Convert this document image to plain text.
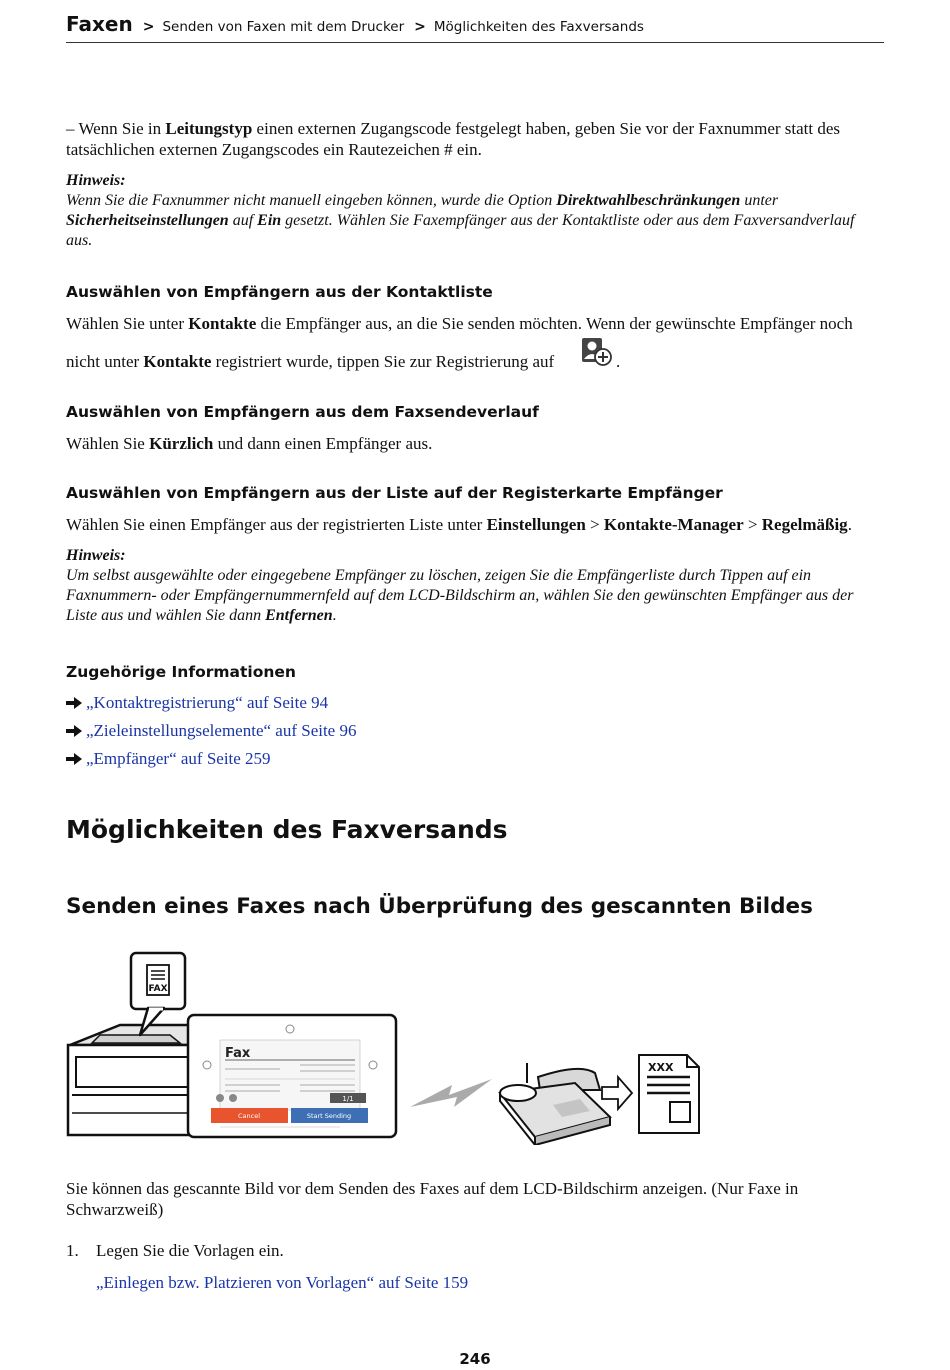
Faxen > Senden von Faxen mit dem Drucker > Möglichkeiten des Faxversands

– Wenn Sie in Leitungstyp einen externen Zugangscode festgelegt haben, geben Sie vor der Faxnummer statt des tatsächlichen externen Zugangscodes ein Rautezeichen # ein.

Hinweis:
Wenn Sie die Faxnummer nicht manuell eingeben können, wurde die Option Direktwahlbeschränkungen unter Sicherheitseinstellungen auf Ein gesetzt. Wählen Sie Faxempfänger aus der Kontaktliste oder aus dem Faxversandverlauf aus.

Auswählen von Empfängern aus der Kontaktliste

Wählen Sie unter Kontakte die Empfänger aus, an die Sie senden möchten. Wenn der gewünschte Empfänger noch

nicht unter Kontakte registriert wurde, tippen Sie zur Registrierung auf	.
Auswählen von Empfängern aus dem Faxsendeverlauf

Wählen Sie Kürzlich und dann einen Empfänger aus.

Auswählen von Empfängern aus der Liste auf der Registerkarte Empfänger

Wählen Sie einen Empfänger aus der registrierten Liste unter Einstellungen > Kontakte-Manager > Regelmäßig.

Hinweis:
Um selbst ausgewählte oder eingegebene Empfänger zu löschen, zeigen Sie die Empfängerliste durch Tippen auf ein Faxnummern- oder Empfängernummernfeld auf dem LCD-Bildschirm an, wählen Sie den gewünschten Empfänger aus der Liste aus und wählen Sie dann Entfernen.

Zugehörige Informationen
„Kontaktregistrierung“ auf Seite 94
„Zieleinstellungselemente“ auf Seite 96
„Empfänger“ auf Seite 259
Möglichkeiten des Faxversands
Senden eines Faxes nach Überprüfung des gescannten Bildes
FAX
Fax
1/1
Cancel	Start Sending
XXX

Sie können das gescannte Bild vor dem Senden des Faxes auf dem LCD-Bildschirm anzeigen. (Nur Faxe in Schwarzweiß)

1. Legen Sie die Vorlagen ein.
„Einlegen bzw. Platzieren von Vorlagen“ auf Seite 159
246
